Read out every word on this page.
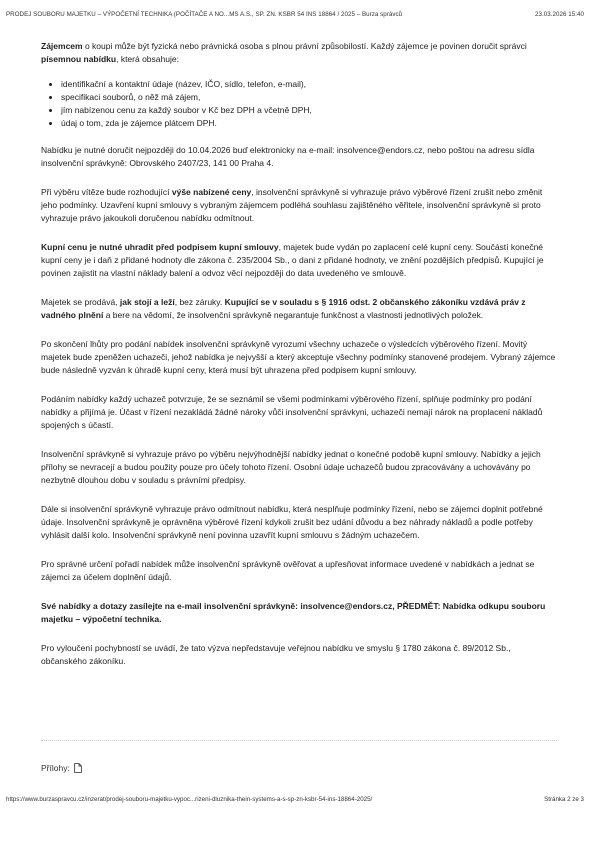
PRODEJ SOUBORU MAJETKU – VÝPOČETNÍ TECHNIKA (POČÍTAČE A NO...MS A.S., SP. ZN. KSBR 54 INS 18864 / 2025 – Burza správců	23.03.2026 15:40

Zájemcem o koupi může být fyzická nebo právnická osoba s plnou právní způsobilostí. Každý zájemce je povinen doručit správci písemnou nabídku, která obsahuje:

• identifikační a kontaktní údaje (název, IČO, sídlo, telefon, e-mail),
• specifikaci souborů, o něž má zájem,
• jím nabízenou cenu za každý soubor v Kč bez DPH a včetně DPH,
• údaj o tom, zda je zájemce plátcem DPH.

Nabídku je nutné doručit nejpozději do 10.04.2026 buď elektronicky na e-mail: insolvence@endors.cz, nebo poštou na adresu sídla insolvenční správkyně: Obrovského 2407/23, 141 00 Praha 4.

Při výběru vítěze bude rozhodující výše nabízené ceny, insolvenční správkyně si vyhrazuje právo výběrové řízení zrušit nebo změnit jeho podmínky. Uzavření kupní smlouvy s vybraným zájemcem podléhá souhlasu zajištěného věřitele, insolvenční správkyně si proto vyhrazuje právo jakoukoli doručenou nabídku odmítnout.

Kupní cenu je nutné uhradit před podpisem kupní smlouvy, majetek bude vydán po zaplacení celé kupní ceny. Součástí konečné kupní ceny je i daň z přidané hodnoty dle zákona č. 235/2004 Sb., o dani z přidané hodnoty, ve znění pozdějších předpisů. Kupující je povinen zajistit na vlastní náklady balení a odvoz věcí nejpozději do data uvedeného ve smlouvě.

Majetek se prodává, jak stojí a leží, bez záruky. Kupující se v souladu s § 1916 odst. 2 občanského zákoníku vzdává práv z vadného plnění a bere na vědomí, že insolvenční správkyně negarantuje funkčnost a vlastnosti jednotlivých položek.

Po skončení lhůty pro podání nabídek insolvenční správkyně vyrozumí všechny uchazeče o výsledcích výběrového řízení. Movitý majetek bude zpeněžen uchazeči, jehož nabídka je nejvyšší a který akceptuje všechny podmínky stanovené prodejem. Vybraný zájemce bude následně vyzván k úhradě kupní ceny, která musí být uhrazena před podpisem kupní smlouvy.

Podáním nabídky každý uchazeč potvrzuje, že se seznámil se všemi podmínkami výběrového řízení, splňuje podmínky pro podání nabídky a přijímá je. Účast v řízení nezakládá žádné nároky vůči insolvenční správkyni, uchazeči nemají nárok na proplacení nákladů spojených s účastí.

Insolvenční správkyně si vyhrazuje právo po výběru nejvýhodnější nabídky jednat o konečné podobě kupní smlouvy. Nabídky a jejich přílohy se nevracejí a budou použity pouze pro účely tohoto řízení. Osobní údaje uchazečů budou zpracovávány a uchovávány po nezbytně dlouhou dobu v souladu s právními předpisy.

Dále si insolvenční správkyně vyhrazuje právo odmítnout nabídku, která nesplňuje podmínky řízení, nebo se zájemci doplnit potřebné údaje. Insolvenční správkyně je oprávněna výběrové řízení kdykoli zrušit bez udání důvodu a bez náhrady nákladů a podle potřeby vyhlásit další kolo. Insolvenční správkyně není povinna uzavřít kupní smlouvu s žádným uchazečem.

Pro správné určení pořadí nabídek může insolvenční správkyně ověřovat a upřesňovat informace uvedené v nabídkách a jednat se zájemci za účelem doplnění údajů.

Své nabídky a dotazy zasílejte na e-mail insolvenční správkyně: insolvence@endors.cz, PŘEDMĚT: Nabídka odkupu souboru majetku – výpočetní technika.

Pro vyloučení pochybností se uvádí, že tato výzva nepředstavuje veřejnou nabídku ve smyslu § 1780 zákona č. 89/2012 Sb., občanského zákoníku.

Přílohy:
https://www.burzaspravcu.cz/inzerat/prodej-souboru-majetku-vypoc...rizeni-dluznika-thein-systems-a-s-sp-zn-ksbr-54-ins-18864-2025/	Stránka 2 ze 3
